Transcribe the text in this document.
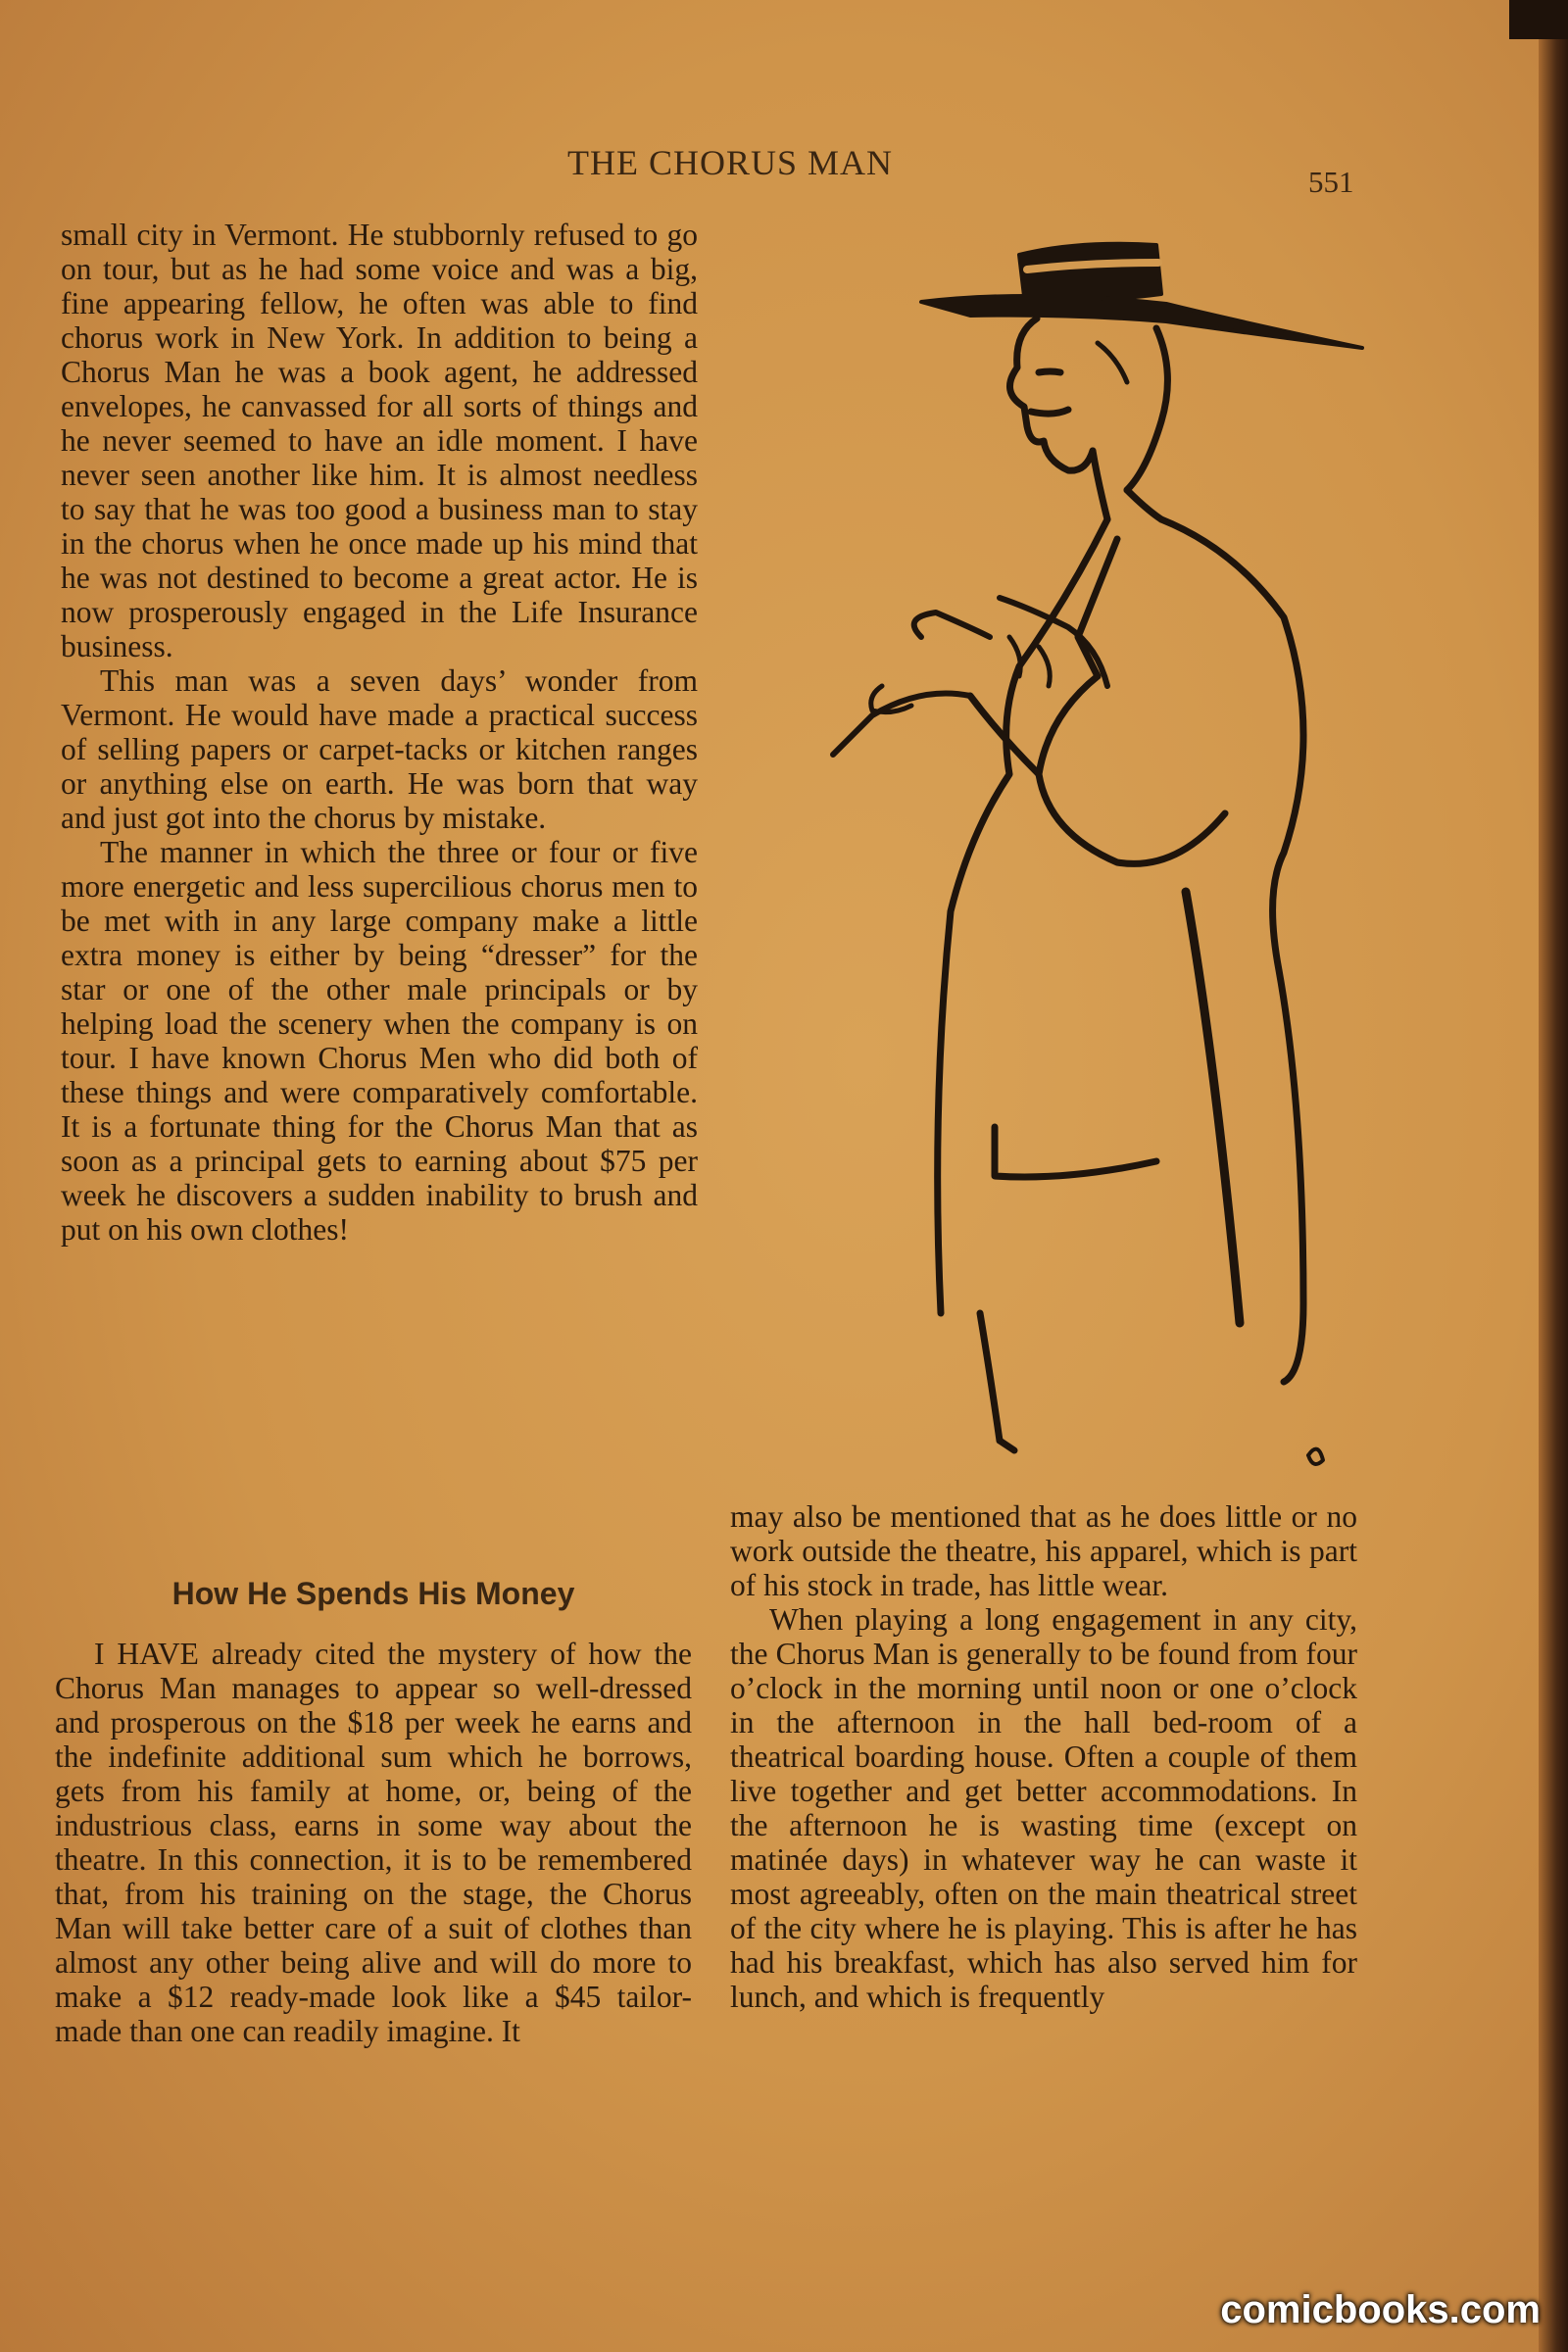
THE CHORUS MAN	551

small city in Vermont. He stubbornly refused to go on tour, but as he had some voice and was a big, fine appearing fellow, he often was able to find chorus work in New York. In addition to being a Chorus Man he was a book agent, he addressed envelopes, he canvassed for all sorts of things and he never seemed to have an idle moment. I have never seen another like him. It is almost needless to say that he was too good a business man to stay in the chorus when he once made up his mind that he was not destined to become a great actor. He is now prosperously engaged in the Life Insurance business.

This man was a seven days’ wonder from Vermont. He would have made a practical success of selling papers or carpet-tacks or kitchen ranges or anything else on earth. He was born that way and just got into the chorus by mistake.

The manner in which the three or four or five more energetic and less supercilious chorus men to be met with in any large company make a little extra money is either by being “dresser” for the star or one of the other male principals or by helping load the scenery when the company is on tour. I have known Chorus Men who did both of these things and were comparatively comfortable. It is a fortunate thing for the Chorus Man that as soon as a principal gets to earning about $75 per week he discovers a sudden inability to brush and put on his own clothes!

How He Spends His Money

I HAVE already cited the mystery of how the Chorus Man manages to appear so well-dressed and prosperous on the $18 per week he earns and the indefinite additional sum which he borrows, gets from his family at home, or, being of the industrious class, earns in some way about the theatre. In this connection, it is to be remembered that, from his training on the stage, the Chorus Man will take better care of a suit of clothes than almost any other being alive and will do more to make a $12 ready-made look like a $45 tailor-made than one can readily imagine. It

may also be mentioned that as he does little or no work outside the theatre, his apparel, which is part of his stock in trade, has little wear.

When playing a long engagement in any city, the Chorus Man is generally to be found from four o’clock in the morning until noon or one o’clock in the afternoon in the hall bed-room of a theatrical boarding house. Often a couple of them live together and get better accommodations. In the afternoon he is wasting time (except on matinée days) in whatever way he can waste it most agreeably, often on the main theatrical street of the city where he is playing. This is after he has had his breakfast, which has also served him for lunch, and which is frequently

comicbooks.com
